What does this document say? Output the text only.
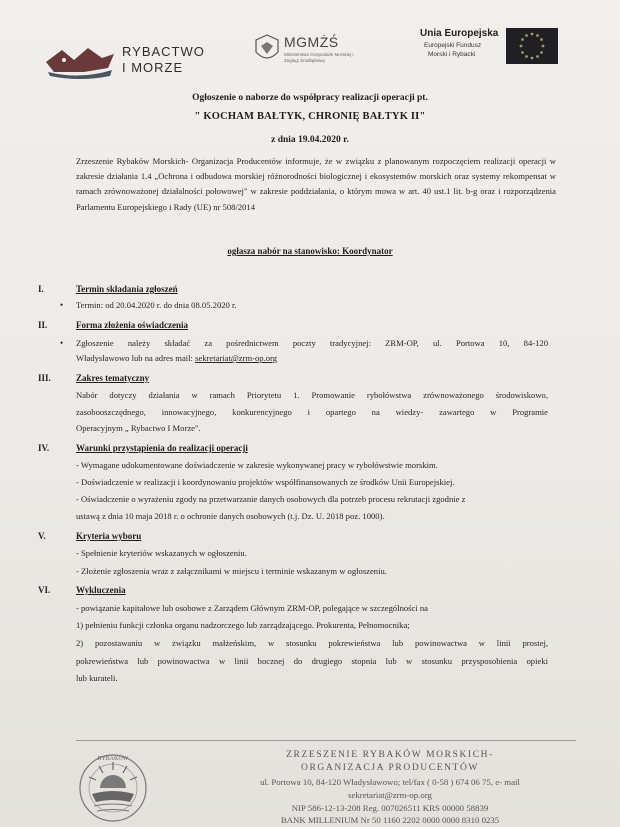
RYBACTWO
I MORZE
MGMŻŚ
Ministerstwo Gospodarki Morskiej i Żeglugi Śródlądowej
Unia Europejska
Europejski Fundusz
Morski i Rybacki
Ogłoszenie o naborze do współpracy realizacji operacji pt.
" KOCHAM BAŁTYK, CHRONIĘ BAŁTYK II"
z dnia 19.04.2020 r.
Zrzeszenie Rybaków Morskich- Organizacja Producentów informuje, że w związku z planowanym rozpoczęciem realizacji operacji w zakresie działania 1.4 „Ochrona i odbudowa morskiej różnorodności biologicznej i ekosystemów morskich oraz systemy rekompensat w ramach zrównoważonej działalności połowowej" w zakresie poddziałania, o którym mowa w art. 40 ust.1 lit. b-g oraz i rozporządzenia Parlamentu Europejskiego i Rady (UE) nr 508/2014
ogłasza nabór na stanowisko: Koordynator
I.	Termin składania zgłoszeń
• Termin: od 20.04.2020 r. do dnia 08.05.2020 r.
II.	Forma złożenia oświadczenia
• Zgłoszenie należy składać za pośrednictwem poczty tradycyjnej: ZRM-OP, ul. Portowa 10, 84-120
Władysławowo lub na adres mail: sekretariat@zrm-op.org
III.	Zakres tematyczny
Nabór dotyczy działania w ramach Priorytetu 1. Promowanie rybołówstwa zrównoważonego środowiskowo,
zasobooszczędnego, innowacyjnego, konkurencyjnego i opartego na wiedzy- zawartego w Programie
Operacyjnym „ Rybactwo I Morze".
IV.	Warunki przystąpienia do realizacji operacji
- Wymagane udokumentowane doświadczenie w zakresie wykonywanej pracy w rybołówstwie morskim.
- Doświadczenie w realizacji i koordynowaniu projektów współfinansowanych ze środków Unii Europejskiej.
- Oświadczenie o wyrażeniu zgody na przetwarzanie danych osobowych dla potrzeb procesu rekrutacji zgodnie z
ustawą z dnia 10 maja 2018 r. o ochronie danych osobowych (t.j. Dz. U. 2018 poz. 1000).
V.	Kryteria wyboru
- Spełnienie kryteriów wskazanych w ogłoszeniu.
- Złożenie zgłoszenia wraz z załącznikami w miejscu i terminie wskazanym w ogłoszeniu.
VI.	Wykluczenia
- powiązanie kapitałowe lub osobowe z Zarządem Głównym ZRM-OP, polegające w szczególności na
1) pełnieniu funkcji członka organu nadzorczego lub zarządzającego. Prokurenta, Pełnomocnika;
2) pozostawaniu w związku małżeńskim, w stosunku pokrewieństwa lub powinowactwa w linii prostej,
pokrewieństwa lub powinowactwa w linii bocznej do drugiego stopnia lub w stosunku przysposobienia opieki
lub kurateli.
RYBAKÓW	ZRZESZENIE RYBAKÓW MORSKICH-
ORGANIZACJA PRODUCENTÓW
ul. Portowa 10, 84-120 Władysławowo; tel/fax ( 0-58 ) 674 06 75, e- mail
sekretariat@zrm-op.org
NIP 586-12-13-208 Reg. 007026511 KRS 00000 58839
BANK MILLENIUM Nr 50 1160 2202 0000 0000 8310 0235
